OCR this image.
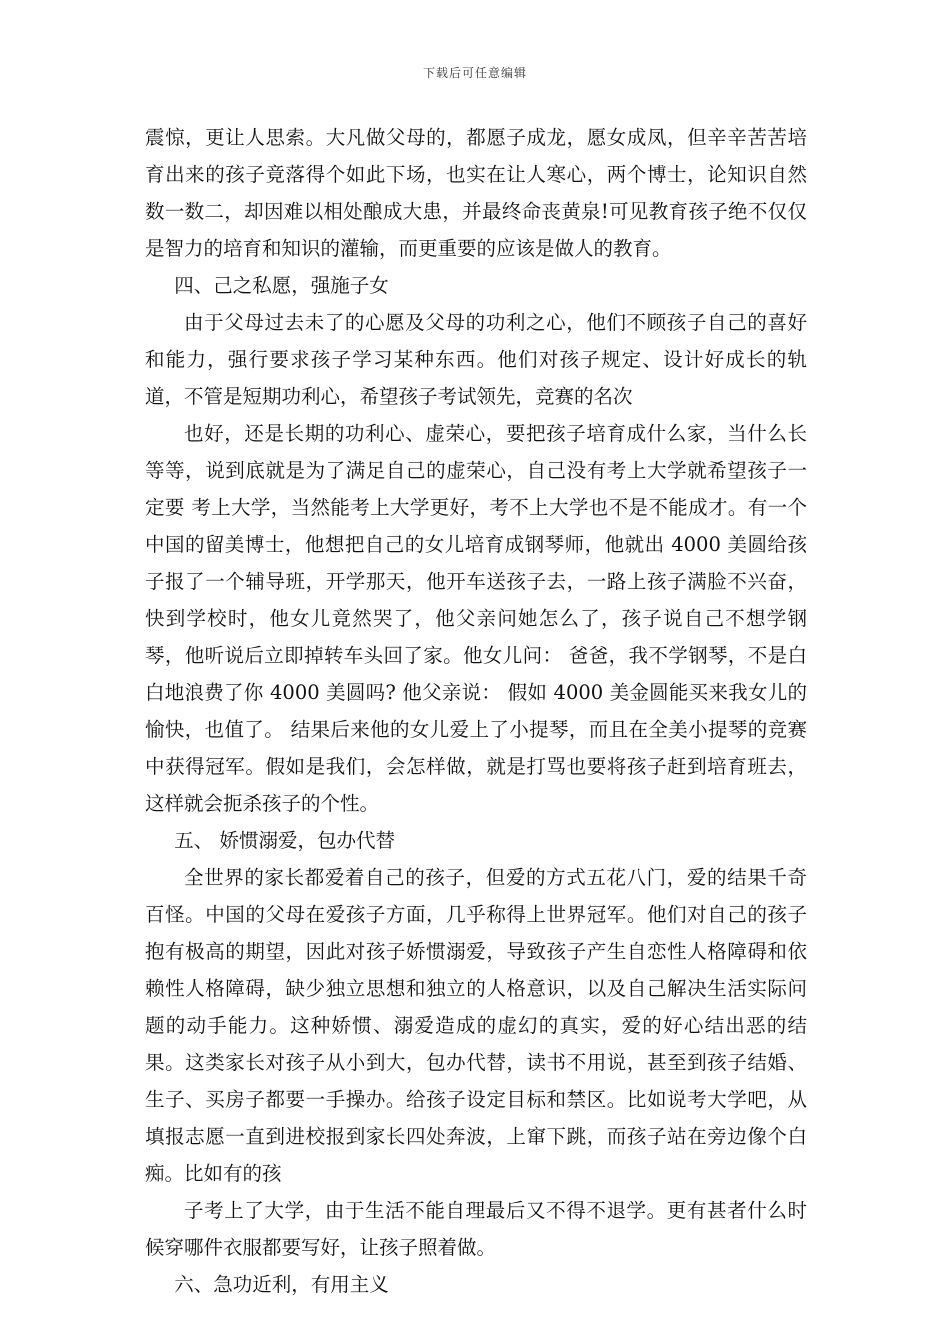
下载后可任意编辑

震惊，更让人思索。大凡做父母的，都愿子成龙，愿女成凤，但辛辛苦苦培育出来的孩子竟落得个如此下场，也实在让人寒心，两个博士，论知识自然数一数二，却因难以相处酿成大患，并最终命丧黄泉!可见教育孩子绝不仅仅是智力的培育和知识的灌输，而更重要的应该是做人的教育。

四、己之私愿，强施子女

由于父母过去未了的心愿及父母的功利之心，他们不顾孩子自己的喜好和能力，强行要求孩子学习某种东西。他们对孩子规定、设计好成长的轨道，不管是短期功利心，希望孩子考试领先，竞赛的名次

也好，还是长期的功利心、虚荣心，要把孩子培育成什么家，当什么长等等，说到底就是为了满足自己的虚荣心，自己没有考上大学就希望孩子一定要 考上大学，当然能考上大学更好，考不上大学也不是不能成才。有一个中国的留美博士，他想把自己的女儿培育成钢琴师，他就出 4000 美圆给孩子报了一个辅导班，开学那天，他开车送孩子去，一路上孩子满脸不兴奋，快到学校时，他女儿竟然哭了，他父亲问她怎么了，孩子说自己不想学钢琴，他听说后立即掉转车头回了家。他女儿问： 爸爸，我不学钢琴，不是白白地浪费了你 4000 美圆吗? 他父亲说： 假如 4000 美金圆能买来我女儿的愉快，也值了。 结果后来他的女儿爱上了小提琴，而且在全美小提琴的竞赛中获得冠军。假如是我们，会怎样做，就是打骂也要将孩子赶到培育班去，这样就会扼杀孩子的个性。

五、 娇惯溺爱，包办代替

全世界的家长都爱着自己的孩子，但爱的方式五花八门，爱的结果千奇百怪。中国的父母在爱孩子方面，几乎称得上世界冠军。他们对自己的孩子抱有极高的期望，因此对孩子娇惯溺爱，导致孩子产生自恋性人格障碍和依赖性人格障碍，缺少独立思想和独立的人格意识，以及自己解决生活实际问题的动手能力。这种娇惯、溺爱造成的虚幻的真实，爱的好心结出恶的结果。这类家长对孩子从小到大，包办代替，读书不用说，甚至到孩子结婚、生子、买房子都要一手操办。给孩子设定目标和禁区。比如说考大学吧，从填报志愿一直到进校报到家长四处奔波，上窜下跳，而孩子站在旁边像个白痴。比如有的孩

子考上了大学，由于生活不能自理最后又不得不退学。更有甚者什么时候穿哪件衣服都要写好，让孩子照着做。

六、急功近利，有用主义
